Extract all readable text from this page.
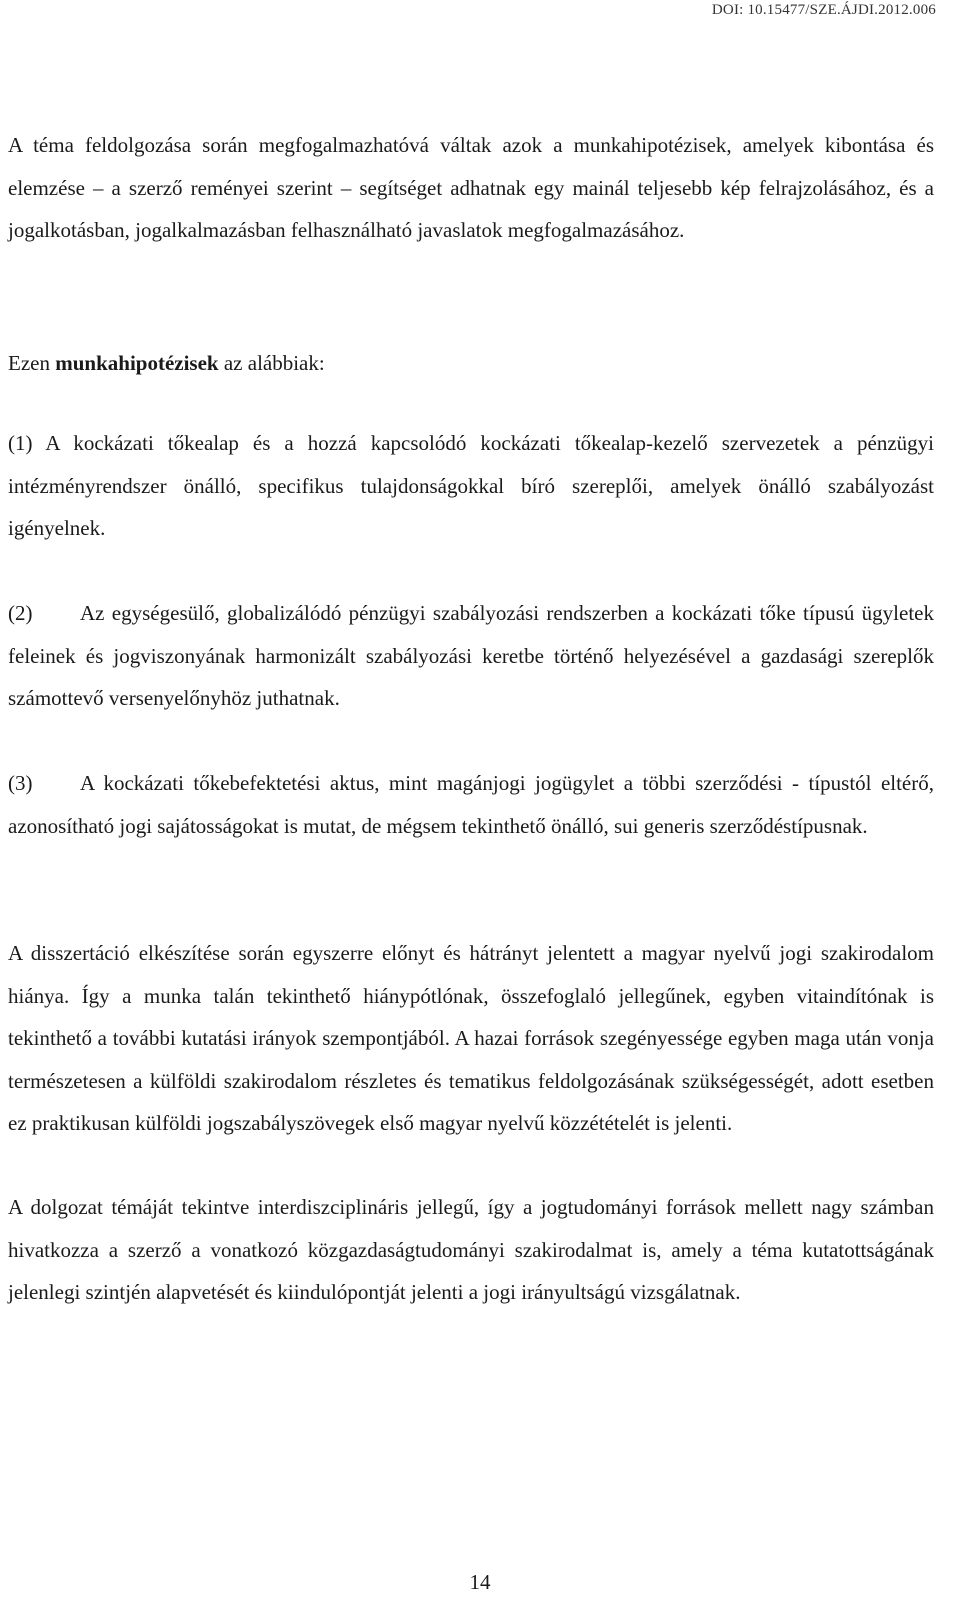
DOI: 10.15477/SZE.ÁJDI.2012.006

A téma feldolgozása során megfogalmazhatóvá váltak azok a munkahipotézisek, amelyek kibontása és elemzése – a szerző reményei szerint – segítséget adhatnak egy mainál teljesebb kép felrajzolásához, és a jogalkotásban, jogalkalmazásban felhasználható javaslatok megfogalmazásához.

Ezen munkahipotézisek az alábbiak:

(1) A kockázati tőkealap és a hozzá kapcsolódó kockázati tőkealap-kezelő szervezetek a pénzügyi intézményrendszer önálló, specifikus tulajdonságokkal bíró szereplői, amelyek önálló szabályozást igényelnek.

(2) Az egységesülő, globalizálódó pénzügyi szabályozási rendszerben a kockázati tőke típusú ügyletek feleinek és jogviszonyának harmonizált szabályozási keretbe történő helyezésével a gazdasági szereplők számottevő versenyelőnyhöz juthatnak.

(3) A kockázati tőkebefektetési aktus, mint magánjogi jogügylet a többi szerződési - típustól eltérő, azonosítható jogi sajátosságokat is mutat, de mégsem tekinthető önálló, sui generis szerződéstípusnak.

A disszertáció elkészítése során egyszerre előnyt és hátrányt jelentett a magyar nyelvű jogi szakirodalom hiánya. Így a munka talán tekinthető hiánypótlónak, összefoglaló jellegűnek, egyben vitaindítónak is tekinthető a további kutatási irányok szempontjából. A hazai források szegényessége egyben maga után vonja természetesen a külföldi szakirodalom részletes és tematikus feldolgozásának szükségességét, adott esetben ez praktikusan külföldi jogszabályszövegek első magyar nyelvű közzétételét is jelenti.

A dolgozat témáját tekintve interdiszciplináris jellegű, így a jogtudományi források mellett nagy számban hivatkozza a szerző a vonatkozó közgazdaságtudományi szakirodalmat is, amely a téma kutatottságának jelenlegi szintjén alapvetését és kiindulópontját jelenti a jogi irányultságú vizsgálatnak.

14
